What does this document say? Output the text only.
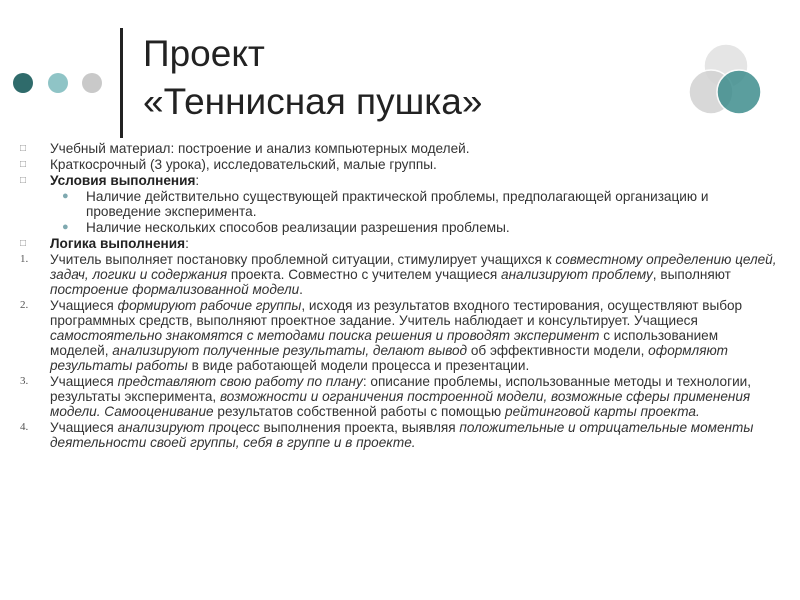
Проект
«Теннисная пушка»
□	Учебный материал: построение и анализ компьютерных моделей.
□	Краткосрочный (3 урока), исследовательский, малые группы.
□	Условия выполнения:
●	Наличие действительно существующей практической проблемы, предполагающей организацию и проведение эксперимента.
●	Наличие нескольких способов реализации разрешения проблемы.
□	Логика выполнения:
1.	Учитель выполняет постановку проблемной ситуации, стимулирует учащихся к совместному определению целей, задач, логики и содержания проекта. Совместно с учителем учащиеся анализируют проблему, выполняют построение формализованной модели.
2.	Учащиеся формируют рабочие группы, исходя из результатов входного тестирования, осуществляют выбор программных средств, выполняют проектное задание. Учитель наблюдает и консультирует. Учащиеся самостоятельно знакомятся с методами поиска решения и проводят эксперимент с использованием моделей, анализируют полученные результаты, делают вывод об эффективности модели, оформляют результаты работы в виде работающей модели процесса и презентации.
3.	Учащиеся представляют свою работу по плану: описание проблемы, использованные методы и технологии, результаты эксперимента, возможности и ограничения построенной модели, возможные сферы применения модели. Самооценивание результатов собственной работы с помощью рейтинговой карты проекта.
4.	Учащиеся анализируют процесс выполнения проекта, выявляя положительные и отрицательные моменты деятельности своей группы, себя в группе и в проекте.
